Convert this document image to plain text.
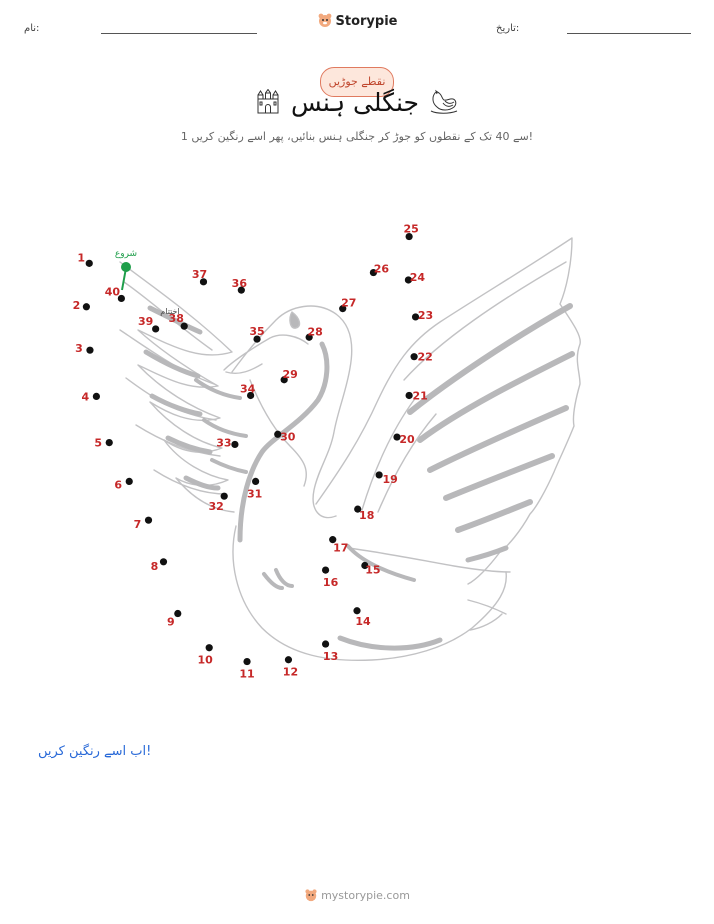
نام:	Storypie	تاریخ:
نقطے جوڑیں
جنگلی ہنس
1 سے 40 تک کے نقطوں کو جوڑ کر جنگلی ہنس بنائیں، پھر اسے رنگین کریں!
شروع
اختتام
1
2
3
4
5
6
7
8
9
10
11	12
13
14
15
16
17
18
19
20
21
22
23
24
25
26
27
28
29
30
31
32
33
34
35
36
37
38
39
40
اب اسے رنگین کریں!
mystorypie.com
